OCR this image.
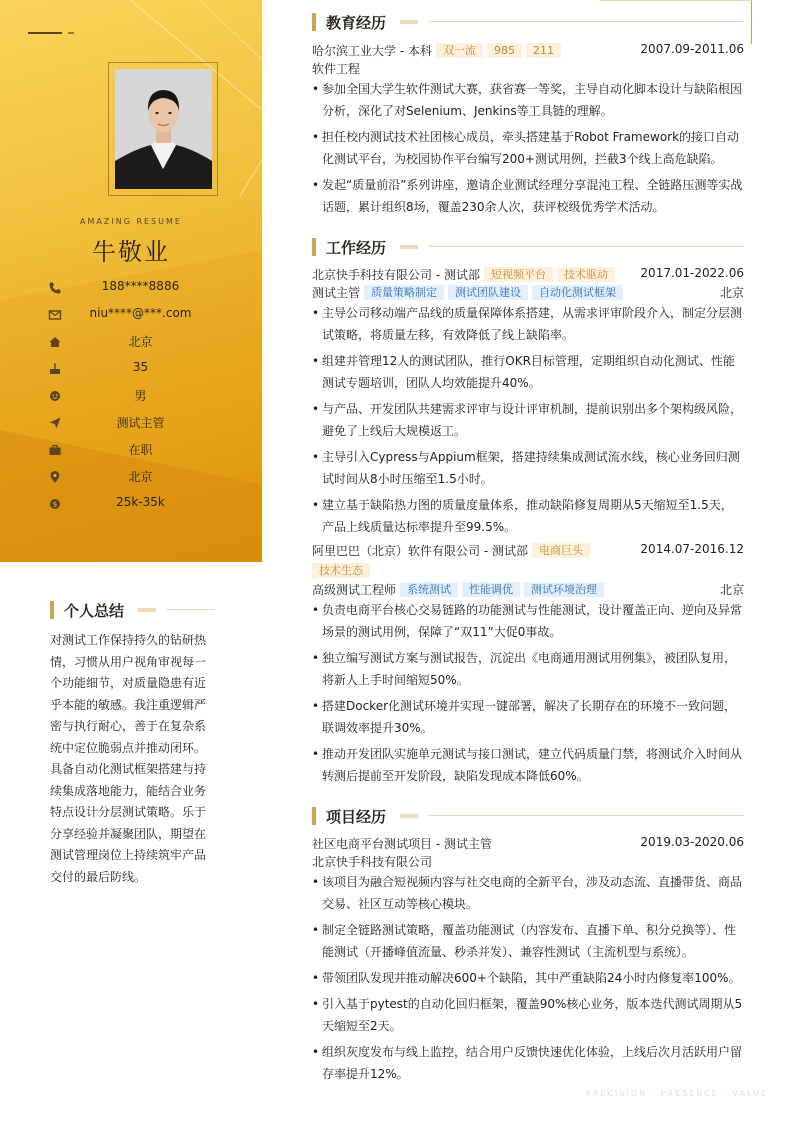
AMAZING RESUME
牛敬业
188****8886
niu****@***.com
北京
35
男
测试主管
在职
北京
$	25k-35k
个人总结
对测试工作保持持久的钻研热情，习惯从用户视角审视每一个功能细节，对质量隐患有近乎本能的敏感。我注重逻辑严密与执行耐心，善于在复杂系统中定位脆弱点并推动闭环。具备自动化测试框架搭建与持续集成落地能力，能结合业务特点设计分层测试策略。乐于分享经验并凝聚团队，期望在测试管理岗位上持续筑牢产品交付的最后防线。
教育经历
哈尔滨工业大学 - 本科 双一流 985 211	2007.09-2011.06
软件工程
• 参加全国大学生软件测试大赛，获省赛一等奖，主导自动化脚本设计与缺陷根因分析，深化了对Selenium、Jenkins等工具链的理解。
• 担任校内测试技术社团核心成员，牵头搭建基于Robot Framework的接口自动化测试平台，为校园协作平台编写200+测试用例，拦截3个线上高危缺陷。
• 发起“质量前沿”系列讲座，邀请企业测试经理分享混沌工程、全链路压测等实战话题，累计组织8场，覆盖230余人次，获评校级优秀学术活动。
工作经历
北京快手科技有限公司 - 测试部 短视频平台 技术驱动	2017.01-2022.06
测试主管 质量策略制定 测试团队建设 自动化测试框架	北京
• 主导公司移动端产品线的质量保障体系搭建，从需求评审阶段介入，制定分层测试策略，将质量左移，有效降低了线上缺陷率。
• 组建并管理12人的测试团队，推行OKR目标管理，定期组织自动化测试、性能测试专题培训，团队人均效能提升40%。
• 与产品、开发团队共建需求评审与设计评审机制，提前识别出多个架构级风险，避免了上线后大规模返工。
• 主导引入Cypress与Appium框架，搭建持续集成测试流水线，核心业务回归测试时间从8小时压缩至1.5小时。
• 建立基于缺陷热力图的质量度量体系，推动缺陷修复周期从5天缩短至1.5天，产品上线质量达标率提升至99.5%。
阿里巴巴（北京）软件有限公司 - 测试部 电商巨头	2014.07-2016.12
技术生态
高级测试工程师 系统测试 性能调优 测试环境治理	北京
• 负责电商平台核心交易链路的功能测试与性能测试，设计覆盖正向、逆向及异常场景的测试用例，保障了“双11”大促0事故。
• 独立编写测试方案与测试报告，沉淀出《电商通用测试用例集》，被团队复用，将新人上手时间缩短50%。
• 搭建Docker化测试环境并实现一键部署，解决了长期存在的环境不一致问题，联调效率提升30%。
• 推动开发团队实施单元测试与接口测试，建立代码质量门禁，将测试介入时间从转测后提前至开发阶段，缺陷发现成本降低60%。
项目经历
社区电商平台测试项目 - 测试主管	2019.03-2020.06
北京快手科技有限公司
• 该项目为融合短视频内容与社交电商的全新平台，涉及动态流、直播带货、商品交易、社区互动等核心模块。
• 制定全链路测试策略，覆盖功能测试（内容发布、直播下单、积分兑换等）、性能测试（开播峰值流量、秒杀并发）、兼容性测试（主流机型与系统）。
• 带领团队发现并推动解决600+个缺陷，其中严重缺陷24小时内修复率100%。
• 引入基于pytest的自动化回归框架，覆盖90%核心业务，版本迭代测试周期从5天缩短至2天。
• 组织灰度发布与线上监控，结合用户反馈快速优化体验，上线后次月活跃用户留存率提升12%。
PRECISION · PRESENCE · VALUE
